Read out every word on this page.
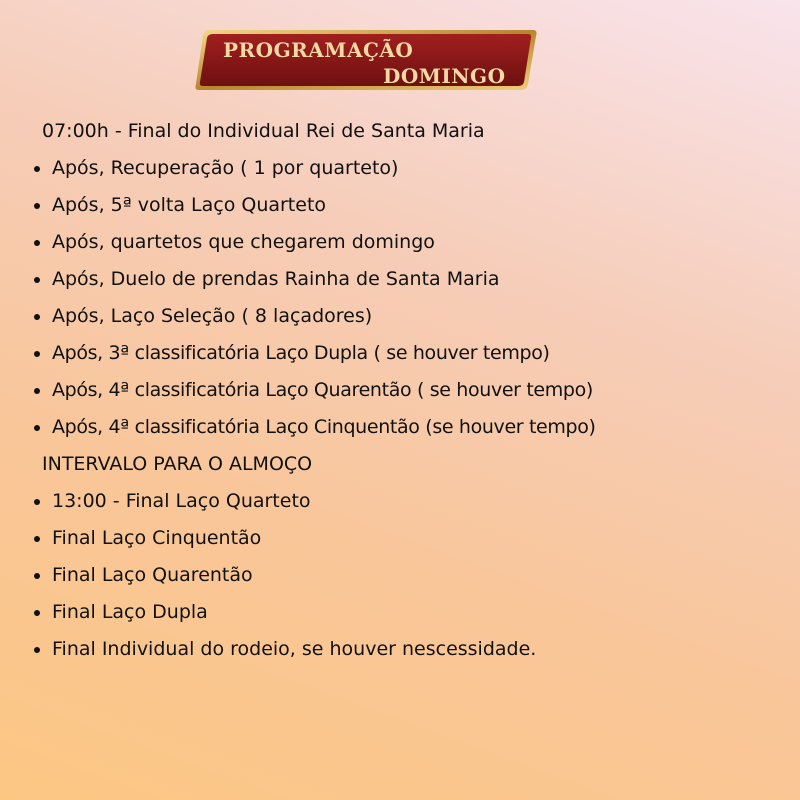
PROGRAMAÇÃO
DOMINGO
07:00h - Final do Individual Rei de Santa Maria
Após, Recuperação ( 1 por quarteto)
Após, 5ª volta Laço Quarteto
Após, quartetos que chegarem domingo
Após, Duelo de prendas Rainha de Santa Maria
Após, Laço Seleção ( 8 laçadores)
Após, 3ª classificatória Laço Dupla ( se houver tempo)
Após, 4ª classificatória Laço Quarentão ( se houver tempo)
Após, 4ª classificatória Laço Cinquentão (se houver tempo)
INTERVALO PARA O ALMOÇO
13:00 - Final Laço Quarteto
Final Laço Cinquentão
Final Laço Quarentão
Final Laço Dupla
Final Individual do rodeio, se houver nescessidade.
